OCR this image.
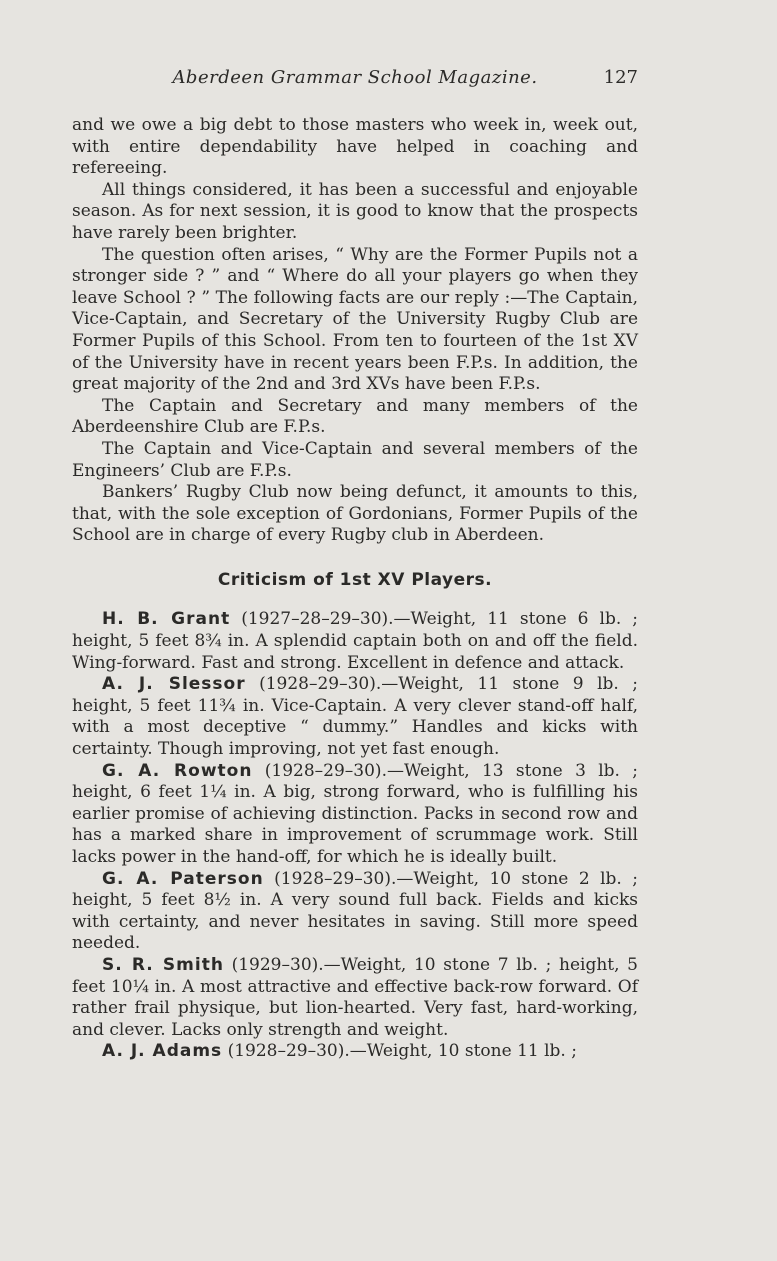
Aberdeen Grammar School Magazine.	127

and we owe a big debt to those masters who week in, week out, with entire dependability have helped in coaching and refereeing.

All things considered, it has been a successful and enjoyable season. As for next session, it is good to know that the prospects have rarely been brighter.

The question often arises, “ Why are the Former Pupils not a stronger side ? ” and “ Where do all your players go when they leave School ? ” The following facts are our reply :—The Captain, Vice-Captain, and Secretary of the University Rugby Club are Former Pupils of this School. From ten to fourteen of the 1st XV of the University have in recent years been F.P.s. In addition, the great majority of the 2nd and 3rd XVs have been F.P.s.

The Captain and Secretary and many members of the Aberdeenshire Club are F.P.s.

The Captain and Vice-Captain and several members of the Engineers’ Club are F.P.s.

Bankers’ Rugby Club now being defunct, it amounts to this, that, with the sole exception of Gordonians, Former Pupils of the School are in charge of every Rugby club in Aberdeen.

Criticism of 1st XV Players.

H. B. Grant (1927–28–29–30).—Weight, 11 stone 6 lb. ; height, 5 feet 8¾ in. A splendid captain both on and off the field. Wing-forward. Fast and strong. Excellent in defence and attack.

A. J. Slessor (1928–29–30).—Weight, 11 stone 9 lb. ; height, 5 feet 11¾ in. Vice-Captain. A very clever stand-off half, with a most deceptive “ dummy.” Handles and kicks with certainty. Though improving, not yet fast enough.

G. A. Rowton (1928–29–30).—Weight, 13 stone 3 lb. ; height, 6 feet 1¼ in. A big, strong forward, who is fulfilling his earlier promise of achieving distinction. Packs in second row and has a marked share in improvement of scrummage work. Still lacks power in the hand-off, for which he is ideally built.

G. A. Paterson (1928–29–30).—Weight, 10 stone 2 lb. ; height, 5 feet 8½ in. A very sound full back. Fields and kicks with certainty, and never hesitates in saving. Still more speed needed.

S. R. Smith (1929–30).—Weight, 10 stone 7 lb. ; height, 5 feet 10¼ in. A most attractive and effective back-row forward. Of rather frail physique, but lion-hearted. Very fast, hard-working, and clever. Lacks only strength and weight.

A. J. Adams (1928–29–30).—Weight, 10 stone 11 lb. ;
